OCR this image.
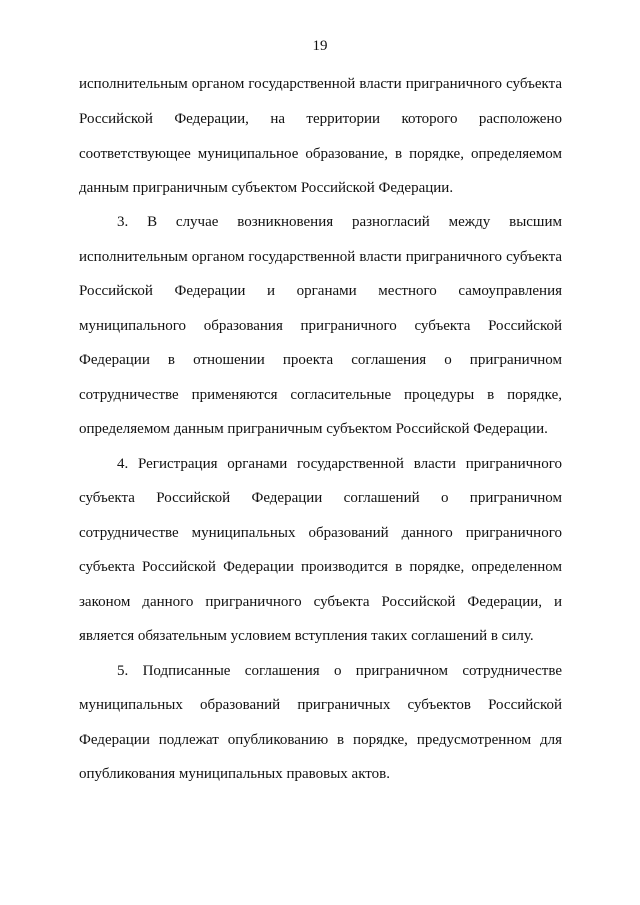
19
исполнительным органом государственной власти приграничного субъекта
Российской Федерации, на территории которого расположено
соответствующее муниципальное образование, в порядке, определяемом
данным приграничным субъектом Российской Федерации.
3. В случае возникновения разногласий между высшим
исполнительным органом государственной власти приграничного субъекта
Российской Федерации и органами местного самоуправления
муниципального образования приграничного субъекта Российской
Федерации в отношении проекта соглашения о приграничном
сотрудничестве применяются согласительные процедуры в порядке,
определяемом данным приграничным субъектом Российской Федерации.
4. Регистрация органами государственной власти приграничного
субъекта Российской Федерации соглашений о приграничном
сотрудничестве муниципальных образований данного приграничного
субъекта Российской Федерации производится в порядке, определенном
законом данного приграничного субъекта Российской Федерации, и
является обязательным условием вступления таких соглашений в силу.
5. Подписанные соглашения о приграничном сотрудничестве
муниципальных образований приграничных субъектов Российской
Федерации подлежат опубликованию в порядке, предусмотренном для
опубликования муниципальных правовых актов.
